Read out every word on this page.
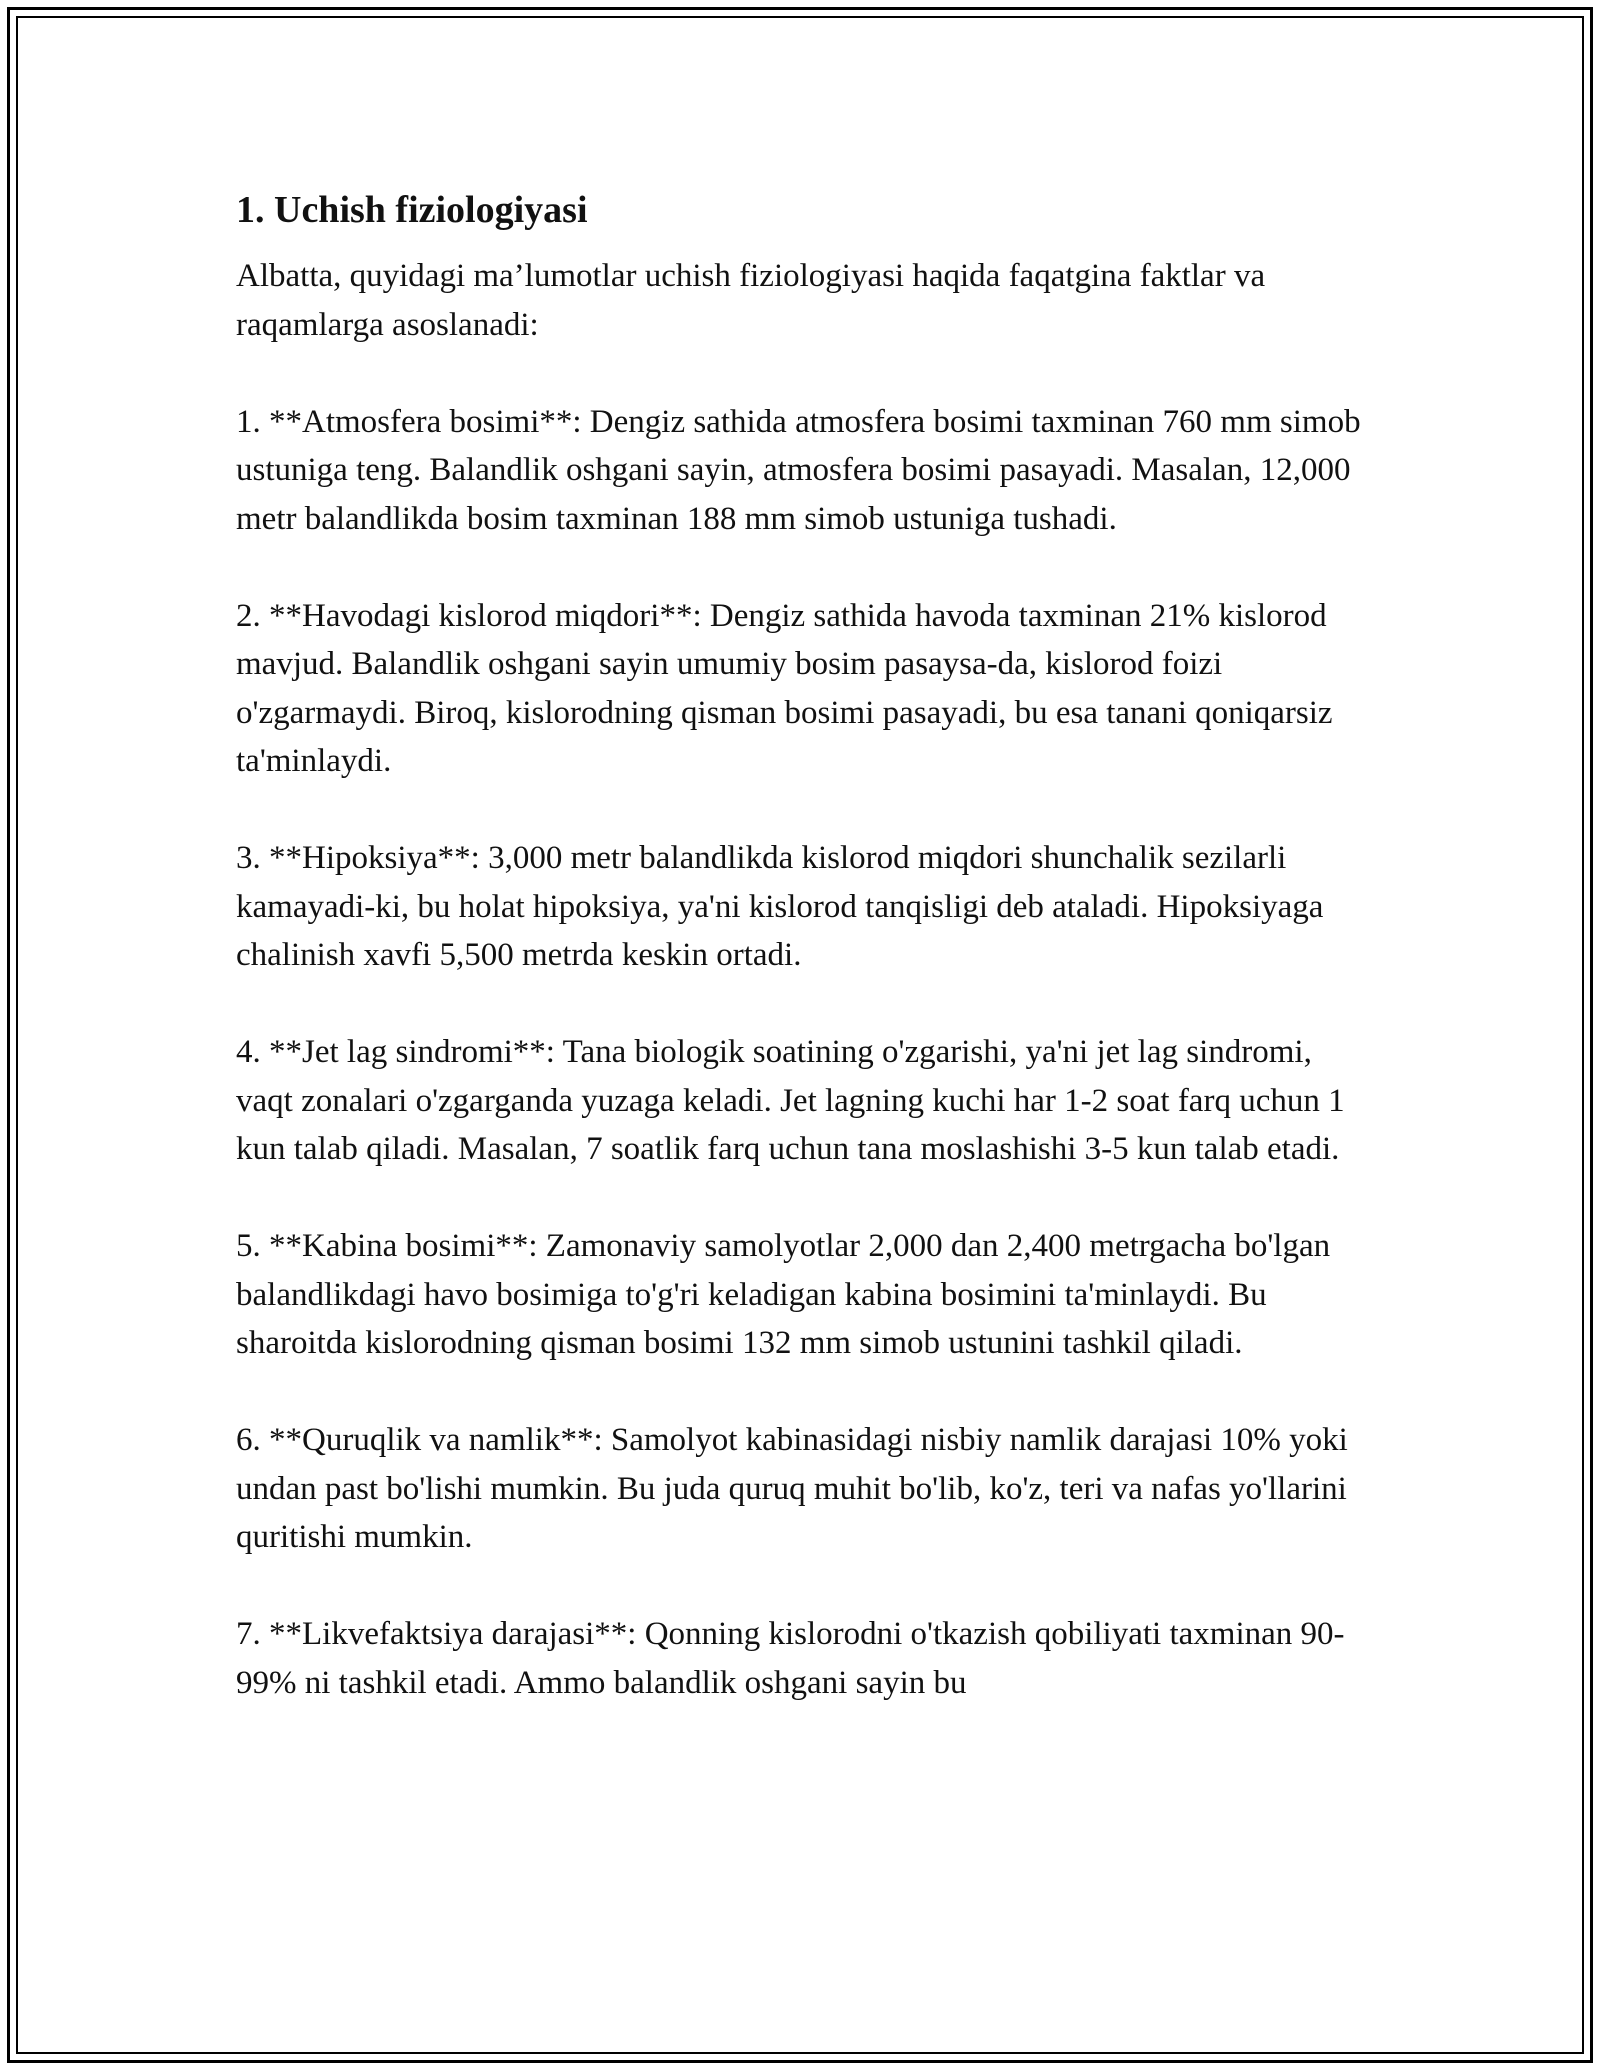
1. Uchish fiziologiyasi

Albatta, quyidagi ma’lumotlar uchish fiziologiyasi haqida faqatgina faktlar va raqamlarga asoslanadi:

1. **Atmosfera bosimi**: Dengiz sathida atmosfera bosimi taxminan 760 mm simob ustuniga teng. Balandlik oshgani sayin, atmosfera bosimi pasayadi. Masalan, 12,000 metr balandlikda bosim taxminan 188 mm simob ustuniga tushadi.

2. **Havodagi kislorod miqdori**: Dengiz sathida havoda taxminan 21% kislorod mavjud. Balandlik oshgani sayin umumiy bosim pasaysa-da, kislorod foizi o'zgarmaydi. Biroq, kislorodning qisman bosimi pasayadi, bu esa tanani qoniqarsiz ta'minlaydi.

3. **Hipoksiya**: 3,000 metr balandlikda kislorod miqdori shunchalik sezilarli kamayadi-ki, bu holat hipoksiya, ya'ni kislorod tanqisligi deb ataladi. Hipoksiyaga chalinish xavfi 5,500 metrda keskin ortadi.

4. **Jet lag sindromi**: Tana biologik soatining o'zgarishi, ya'ni jet lag sindromi, vaqt zonalari o'zgarganda yuzaga keladi. Jet lagning kuchi har 1-2 soat farq uchun 1 kun talab qiladi. Masalan, 7 soatlik farq uchun tana moslashishi 3-5 kun talab etadi.

5. **Kabina bosimi**: Zamonaviy samolyotlar 2,000 dan 2,400 metrgacha bo'lgan balandlikdagi havo bosimiga to'g'ri keladigan kabina bosimini ta'minlaydi. Bu sharoitda kislorodning qisman bosimi 132 mm simob ustunini tashkil qiladi.

6. **Quruqlik va namlik**: Samolyot kabinasidagi nisbiy namlik darajasi 10% yoki undan past bo'lishi mumkin. Bu juda quruq muhit bo'lib, ko'z, teri va nafas yo'llarini quritishi mumkin.

7. **Likvefaktsiya darajasi**: Qonning kislorodni o'tkazish qobiliyati taxminan 90-99% ni tashkil etadi. Ammo balandlik oshgani sayin bu
